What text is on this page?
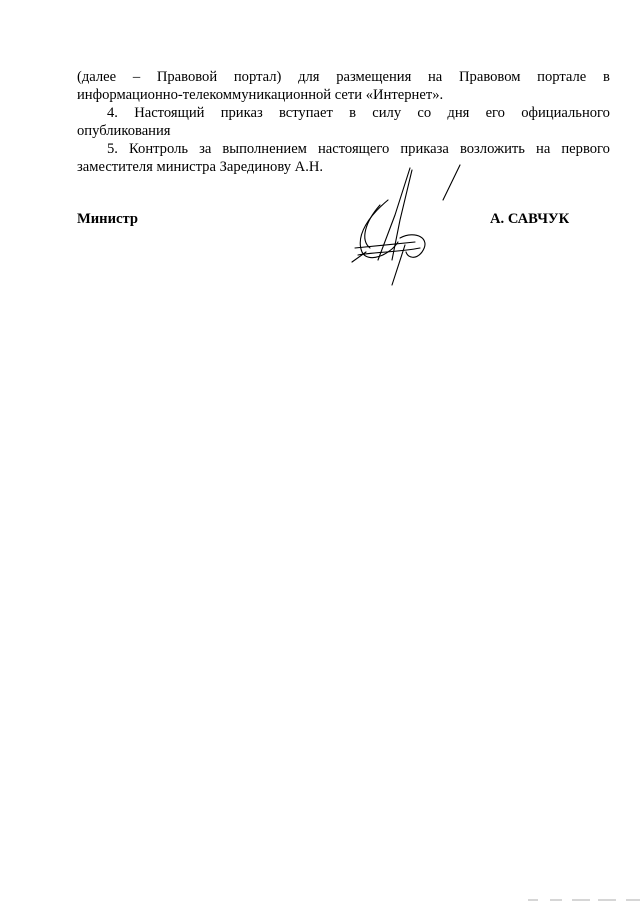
(далее – Правовой портал) для размещения на Правовом портале в
информационно-телекоммуникационной сети «Интернет».
4. Настоящий приказ вступает в силу со дня его официального
опубликования
5. Контроль за выполнением настоящего приказа возложить на первого
заместителя министра Зарединову А.Н.
Министр	А. САВЧУК
